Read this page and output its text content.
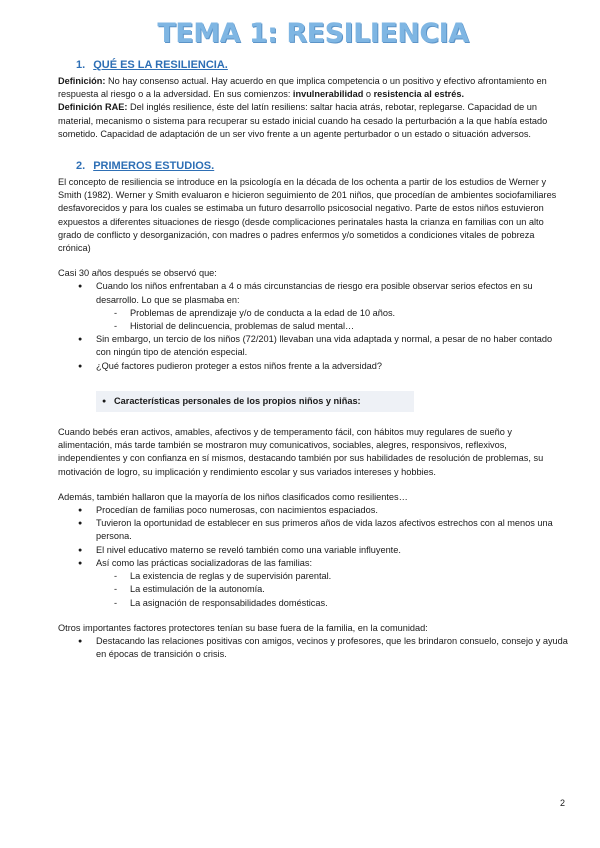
TEMA 1: RESILIENCIA
1. QUÉ ES LA RESILIENCIA.

Definición: No hay consenso actual. Hay acuerdo en que implica competencia o un positivo y efectivo afrontamiento en respuesta al riesgo o a la adversidad. En sus comienzos: invulnerabilidad o resistencia al estrés.

Definición RAE: Del inglés resilience, éste del latín resiliens: saltar hacia atrás, rebotar, replegarse. Capacidad de un material, mecanismo o sistema para recuperar su estado inicial cuando ha cesado la perturbación a la que había estado sometido. Capacidad de adaptación de un ser vivo frente a un agente perturbador o un estado o situación adversos.

2. PRIMEROS ESTUDIOS.

El concepto de resiliencia se introduce en la psicología en la década de los ochenta a partir de los estudios de Werner y Smith (1982). Werner y Smith evaluaron e hicieron seguimiento de 201 niños, que procedían de ambientes sociofamiliares desfavorecidos y para los cuales se estimaba un futuro desarrollo psicosocial negativo. Parte de estos niños estuvieron expuestos a diferentes situaciones de riesgo (desde complicaciones perinatales hasta la crianza en familias con un alto grado de conflicto y desorganización, con madres o padres enfermos y/o sometidos a condiciones vitales de pobreza crónica)

Casi 30 años después se observó que:

● Cuando los niños enfrentaban a 4 o más circunstancias de riesgo era posible observar serios efectos en su desarrollo. Lo que se plasmaba en:
- Problemas de aprendizaje y/o de conducta a la edad de 10 años.
- Historial de delincuencia, problemas de salud mental…
● Sin embargo, un tercio de los niños (72/201) llevaban una vida adaptada y normal, a pesar de no haber contado con ningún tipo de atención especial.
● ¿Qué factores pudieron proteger a estos niños frente a la adversidad?
● Características personales de los propios niños y niñas:

Cuando bebés eran activos, amables, afectivos y de temperamento fácil, con hábitos muy regulares de sueño y alimentación, más tarde también se mostraron muy comunicativos, sociables, alegres, responsivos, reflexivos, independientes y con confianza en sí mismos, destacando también por sus habilidades de resolución de problemas, su motivación de logro, su implicación y rendimiento escolar y sus variados intereses y hobbies.

Además, también hallaron que la mayoría de los niños clasificados como resilientes…

● Procedían de familias poco numerosas, con nacimientos espaciados.
● Tuvieron la oportunidad de establecer en sus primeros años de vida lazos afectivos estrechos con al menos una persona.
● El nivel educativo materno se reveló también como una variable influyente.
● Así como las prácticas socializadoras de las familias:
- La existencia de reglas y de supervisión parental.
- La estimulación de la autonomía.
- La asignación de responsabilidades domésticas.

Otros importantes factores protectores tenían su base fuera de la familia, en la comunidad:

● Destacando las relaciones positivas con amigos, vecinos y profesores, que les brindaron consuelo, consejo y ayuda en épocas de transición o crisis.
2
